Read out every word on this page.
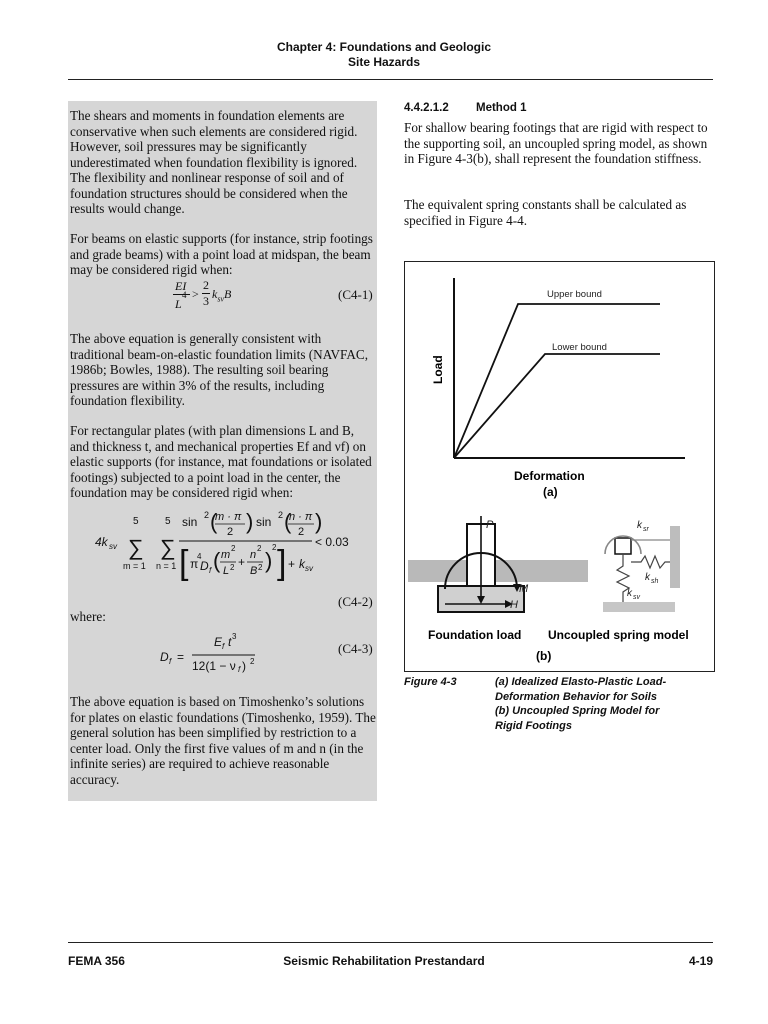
Chapter 4: Foundations and Geologic
Site Hazards

The shears and moments in foundation elements are conservative when such elements are considered rigid. However, soil pressures may be significantly underestimated when foundation flexibility is ignored. The flexibility and nonlinear response of soil and of foundation structures should be considered when the results would change.

For beams on elastic supports (for instance, strip footings and grade beams) with a point load at midspan, the beam may be considered rigid when:

EI
L
4 >
2
3 $k_{sv}B$	(C4-1)

The above equation is generally consistent with traditional beam-on-elastic foundation limits (NAVFAC, 1986b; Bowles, 1988). The resulting soil bearing pressures are within 3% of the results, including foundation flexibility.

For rectangular plates (with plan dimensions L and B, and thickness t, and mechanical properties Ef and νf) on elastic supports (for instance, mat foundations or isolated footings) subjected to a point load in the center, the foundation may be considered rigid when:

4k sv
5
∑
m = 1
5
∑
n = 1
sin 2 (
m · π
2 ) sin 2 (
n · π
2 )
[ π
4
D f ( m
2
L 2 + n
2
B 2 )
2 ] + k sv
< 0.03
(C4-2)

where:

D f =
E f t 3
12(1 − ν f ) 2
(C4-3)

The above equation is based on Timoshenko’s solutions for plates on elastic foundations (Timoshenko, 1959). The general solution has been simplified by restriction to a center load. Only the first five values of m and n (in the infinite series) are required to achieve reasonable accuracy.

4.4.2.1.2 Method 1

For shallow bearing footings that are rigid with respect to the supporting soil, an uncoupled spring model, as shown in Figure 4-3(b), shall represent the foundation stiffness.

The equivalent spring constants shall be calculated as specified in Figure 4-4.

Upper bound
Lower bound
Load
Deformation
(a)
P
M
H
k sr
k sh
k sv
Foundation load Uncoupled spring model
(b)
Figure 4-3	(a) Idealized Elasto-Plastic Load-
Deformation Behavior for Soils
(b) Uncoupled Spring Model for
Rigid Footings
FEMA 356	Seismic Rehabilitation Prestandard	4-19
